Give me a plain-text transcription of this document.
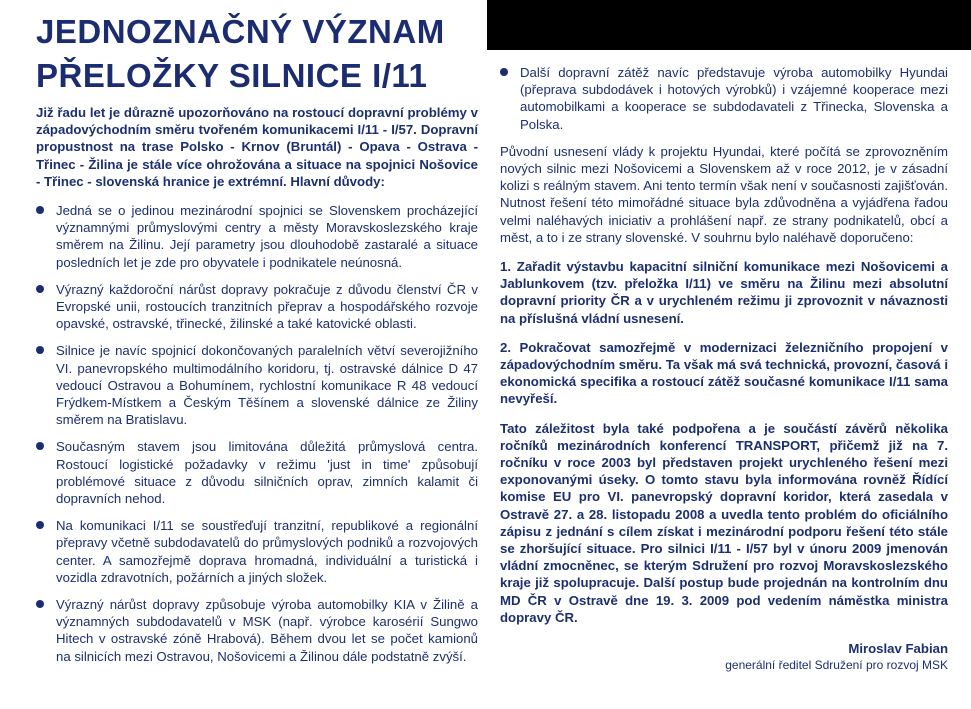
JEDNOZNAČNÝ VÝZNAM
PŘELOŽKY SILNICE I/11

Již řadu let je důrazně upozorňováno na rostoucí dopravní problémy v západovýchodním směru tvořeném komunikacemi I/11 - I/57. Dopravní propustnost na trase Polsko - Krnov (Bruntál) - Opava - Ostrava - Třinec - Žilina je stále více ohrožována a situace na spojnici Nošovice - Třinec - slovenská hranice je extrémní. Hlavní důvody:

Jedná se o jedinou mezinárodní spojnici se Slovenskem procházející významnými průmyslovými centry a městy Moravskoslezského kraje směrem na Žilinu. Její parametry jsou dlouhodobě zastaralé a situace posledních let je zde pro obyvatele i podnikatele neúnosná.
Výrazný každoroční nárůst dopravy pokračuje z důvodu členství ČR v Evropské unii, rostoucích tranzitních přeprav a hospodářského rozvoje opavské, ostravské, třinecké, žilinské a také katovické oblasti.
Silnice je navíc spojnicí dokončovaných paralelních větví severojižního VI. panevropského multimodálního koridoru, tj. ostravské dálnice D 47 vedoucí Ostravou a Bohumínem, rychlostní komunikace R 48 vedoucí Frýdkem-Místkem a Českým Těšínem a slovenské dálnice ze Žiliny směrem na Bratislavu.
Současným stavem jsou limitována důležitá průmyslová centra. Rostoucí logistické požadavky v režimu 'just in time' způsobují problémové situace z důvodu silničních oprav, zimních kalamit či dopravních nehod.
Na komunikaci I/11 se soustřeďují tranzitní, republikové a regionální přepravy včetně subdodavatelů do průmyslových podniků a rozvojových center. A samozřejmě doprava hromadná, individuální a turistická i vozidla zdravotních, požárních a jiných složek.
Výrazný nárůst dopravy způsobuje výroba automobilky KIA v Žilině a významných subdodavatelů v MSK (např. výrobce karosérií Sungwo Hitech v ostravské zóně Hrabová). Během dvou let se počet kamionů na silnicích mezi Ostravou, Nošovicemi a Žilinou dále podstatně zvýší.
Další dopravní zátěž navíc představuje výroba automobilky Hyundai (přeprava subdodávek i hotových výrobků) i vzájemné kooperace mezi automobilkami a kooperace se subdodavateli z Třinecka, Slovenska a Polska.

Původní usnesení vlády k projektu Hyundai, které počítá se zprovozněním nových silnic mezi Nošovicemi a Slovenskem až v roce 2012, je v zásadní kolizi s reálným stavem. Ani tento termín však není v současnosti zajišťován. Nutnost řešení této mimořádné situace byla zdůvodněna a vyjádřena řadou velmi naléhavých iniciativ a prohlášení např. ze strany podnikatelů, obcí a měst, a to i ze strany slovenské. V souhrnu bylo naléhavě doporučeno:

1. Zařadit výstavbu kapacitní silniční komunikace mezi Nošovicemi a Jablunkovem (tzv. přeložka I/11) ve směru na Žilinu mezi absolutní dopravní priority ČR a v urychleném režimu ji zprovoznit v návaznosti na příslušná vládní usnesení.

2. Pokračovat samozřejmě v modernizaci železničního propojení v západovýchodním směru. Ta však má svá technická, provozní, časová i ekonomická specifika a rostoucí zátěž současné komunikace I/11 sama nevyřeší.

Tato záležitost byla také podpořena a je součástí závěrů několika ročníků mezinárodních konferencí TRANSPORT, přičemž již na 7. ročníku v roce 2003 byl představen projekt urychleného řešení mezi exponovanými úseky. O tomto stavu byla informována rovněž Řídící komise EU pro VI. panevropský dopravní koridor, která zasedala v Ostravě 27. a 28. listopadu 2008 a uvedla tento problém do oficiálního zápisu z jednání s cílem získat i mezinárodní podporu řešení této stále se zhoršující situace. Pro silnici I/11 - I/57 byl v únoru 2009 jmenován vládní zmocněnec, se kterým Sdružení pro rozvoj Moravskoslezského kraje již spolupracuje. Další postup bude projednán na kontrolním dnu MD ČR v Ostravě dne 19. 3. 2009 pod vedením náměstka ministra dopravy ČR.

Miroslav Fabian
generální ředitel Sdružení pro rozvoj MSK
